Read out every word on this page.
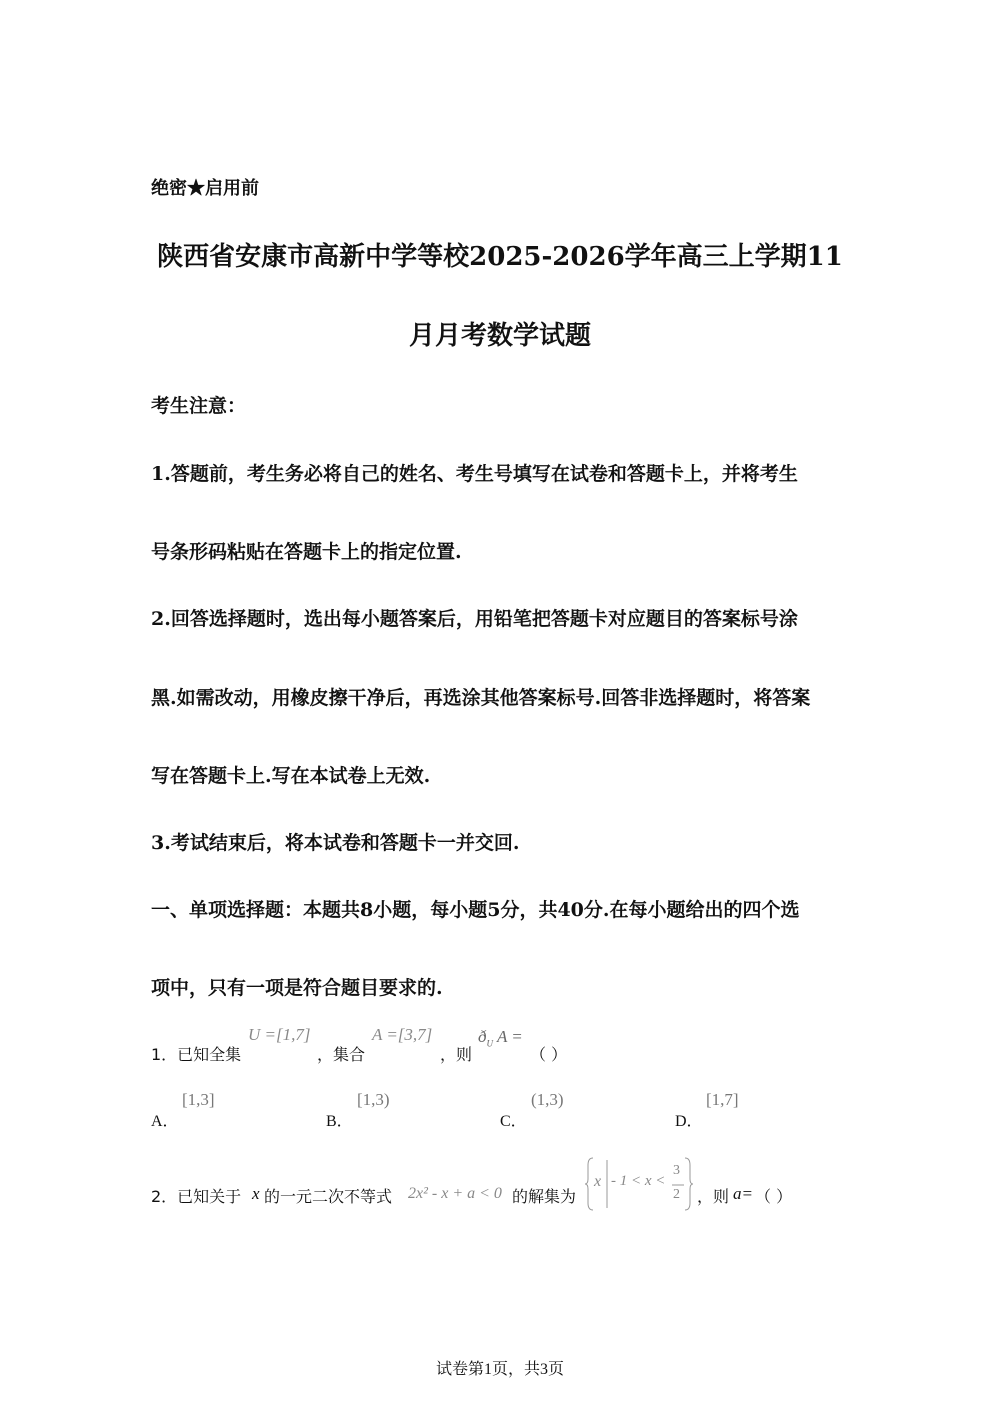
绝密★启用前
陕西省安康市高新中学等校2025-2026学年高三上学期11
月月考数学试题
考生注意：
1.答题前，考生务必将自己的姓名、考生号填写在试卷和答题卡上，并将考生
号条形码粘贴在答题卡上的指定位置.
2.回答选择题时，选出每小题答案后，用铅笔把答题卡对应题目的答案标号涂
黑.如需改动，用橡皮擦干净后，再选涂其他答案标号.回答非选择题时，将答案
写在答题卡上.写在本试卷上无效.
3.考试结束后，将本试卷和答题卡一并交回.
一、单项选择题：本题共8小题，每小题5分，共40分.在每小题给出的四个选
项中，只有一项是符合题目要求的.
1．已知全集
U =[1,7]
，集合
A =[3,7]
，则
$ð_U$ A =
（ ）
A．
[1,3]
B．
[1,3)
C．
(1,3)
D．
[1,7]
2．已知关于 x 的一元二次不等式 2x² - x + a < 0 的解集为
x - 1 < x <
3
2 ，则 a= （ ）
试卷第1页，共3页
